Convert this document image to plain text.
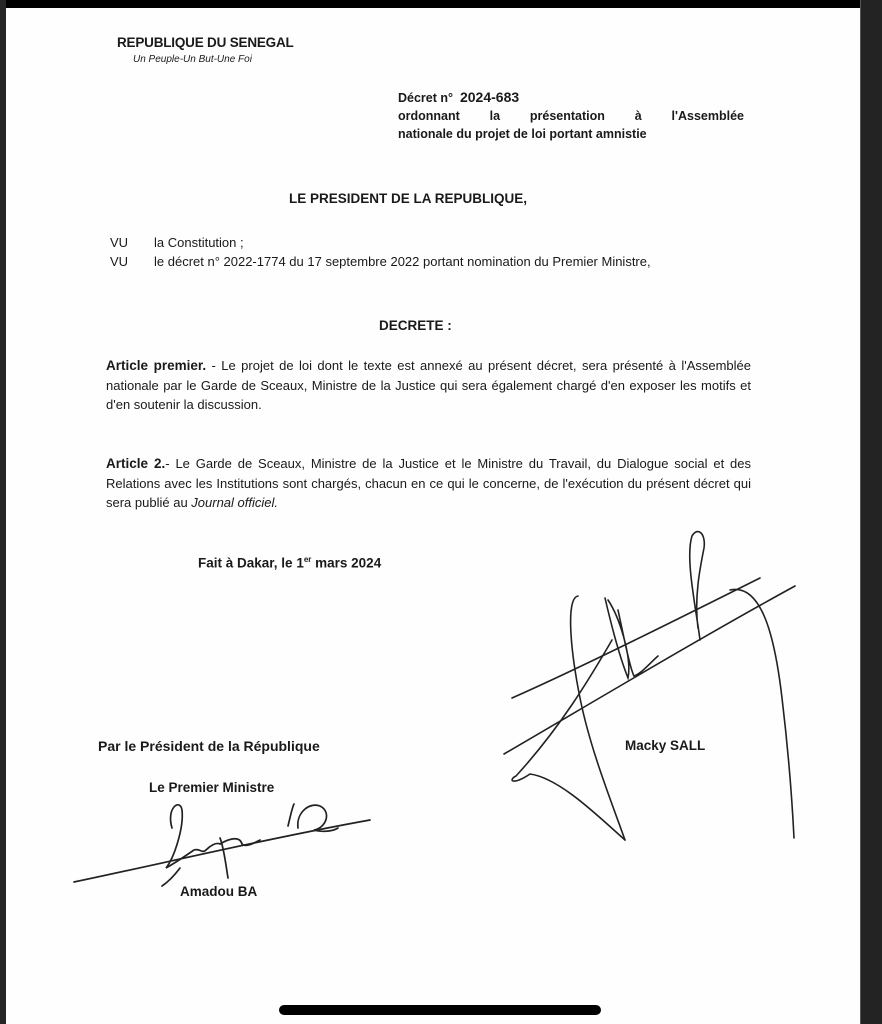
REPUBLIQUE DU SENEGAL
Un Peuple-Un But-Une Foi
Décret n° 2024-683
ordonnant la présentation à l'Assemblée
nationale du projet de loi portant amnistie
LE PRESIDENT DE LA REPUBLIQUE,
VU la Constitution ;
VU le décret n° 2022-1774 du 17 septembre 2022 portant nomination du Premier Ministre,
DECRETE :
Article premier. - Le projet de loi dont le texte est annexé au présent décret, sera présenté à l'Assemblée nationale par le Garde de Sceaux, Ministre de la Justice qui sera également chargé d'en exposer les motifs et d'en soutenir la discussion.
Article 2.- Le Garde de Sceaux, Ministre de la Justice et le Ministre du Travail, du Dialogue social et des Relations avec les Institutions sont chargés, chacun en ce qui le concerne, de l'exécution du présent décret qui sera publié au Journal officiel.
Fait à Dakar, le 1er mars 2024
Par le Président de la République	Macky SALL
Le Premier Ministre
Amadou BA
